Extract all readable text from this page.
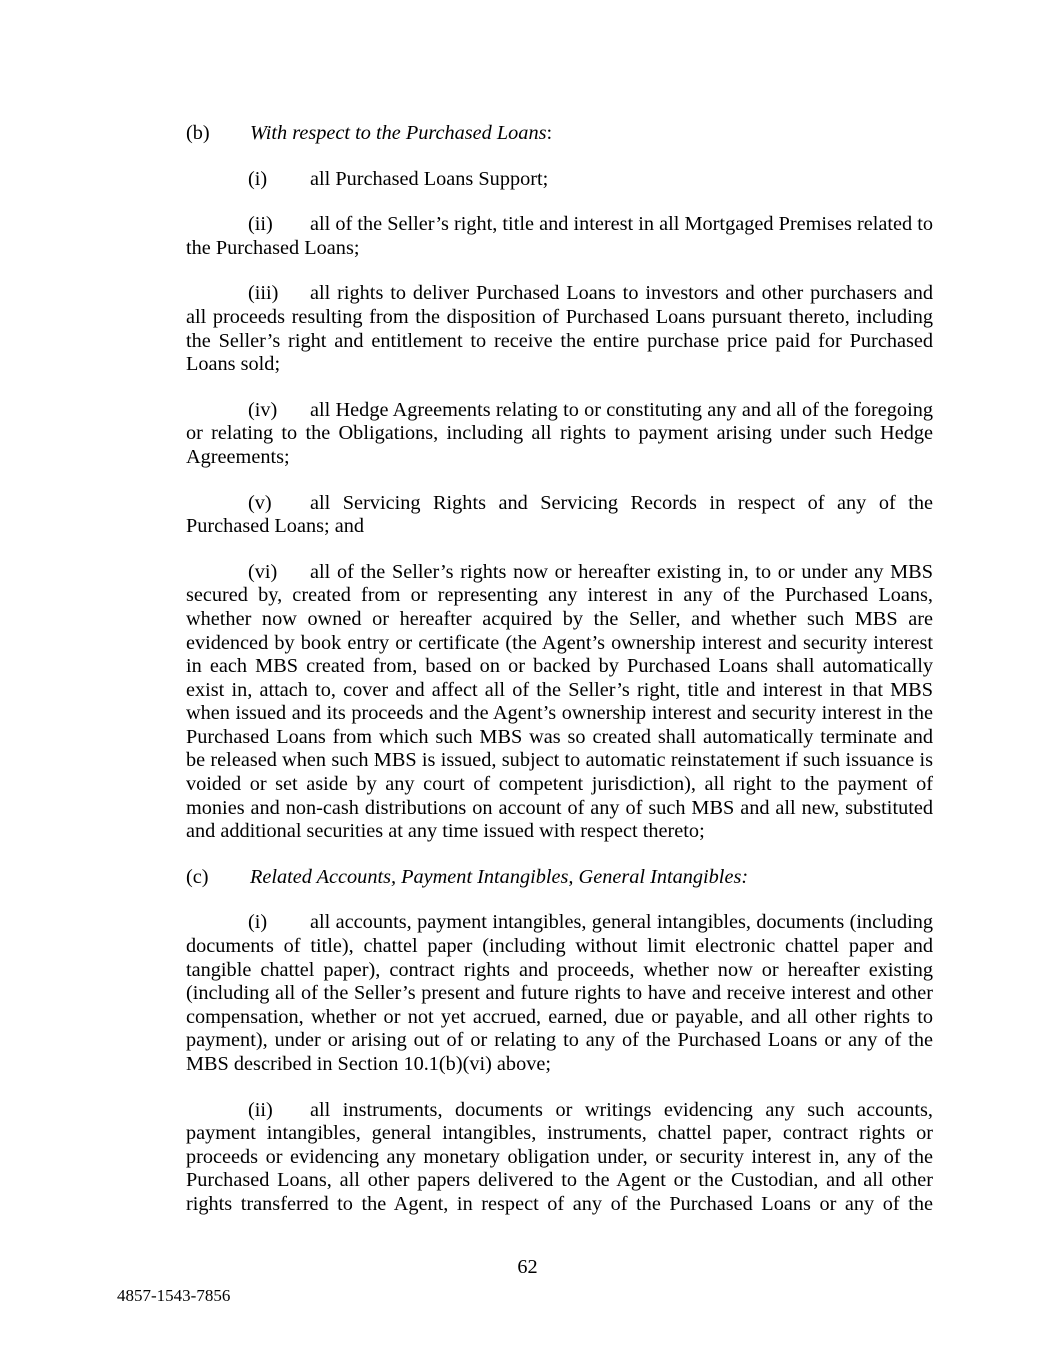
(b) With respect to the Purchased Loans:

(i) all Purchased Loans Support;

(ii) all of the Seller’s right, title and interest in all Mortgaged Premises related to the Purchased Loans;

(iii) all rights to deliver Purchased Loans to investors and other purchasers and all proceeds resulting from the disposition of Purchased Loans pursuant thereto, including the Seller’s right and entitlement to receive the entire purchase price paid for Purchased Loans sold;

(iv) all Hedge Agreements relating to or constituting any and all of the foregoing or relating to the Obligations, including all rights to payment arising under such Hedge Agreements;

(v) all Servicing Rights and Servicing Records in respect of any of the Purchased Loans; and

(vi) all of the Seller’s rights now or hereafter existing in, to or under any MBS secured by, created from or representing any interest in any of the Purchased Loans, whether now owned or hereafter acquired by the Seller, and whether such MBS are evidenced by book entry or certificate (the Agent’s ownership interest and security interest in each MBS created from, based on or backed by Purchased Loans shall automatically exist in, attach to, cover and affect all of the Seller’s right, title and interest in that MBS when issued and its proceeds and the Agent’s ownership interest and security interest in the Purchased Loans from which such MBS was so created shall automatically terminate and be released when such MBS is issued, subject to automatic reinstatement if such issuance is voided or set aside by any court of competent jurisdiction), all right to the payment of monies and non-cash distributions on account of any of such MBS and all new, substituted and additional securities at any time issued with respect thereto;

(c) Related Accounts, Payment Intangibles, General Intangibles:

(i) all accounts, payment intangibles, general intangibles, documents (including documents of title), chattel paper (including without limit electronic chattel paper and tangible chattel paper), contract rights and proceeds, whether now or hereafter existing (including all of the Seller’s present and future rights to have and receive interest and other compensation, whether or not yet accrued, earned, due or payable, and all other rights to payment), under or arising out of or relating to any of the Purchased Loans or any of the MBS described in Section 10.1(b)(vi) above;

(ii) all instruments, documents or writings evidencing any such accounts, payment intangibles, general intangibles, instruments, chattel paper, contract rights or proceeds or evidencing any monetary obligation under, or security interest in, any of the Purchased Loans, all other papers delivered to the Agent or the Custodian, and all other rights transferred to the Agent, in respect of any of the Purchased Loans or any of the

62
4857-1543-7856
